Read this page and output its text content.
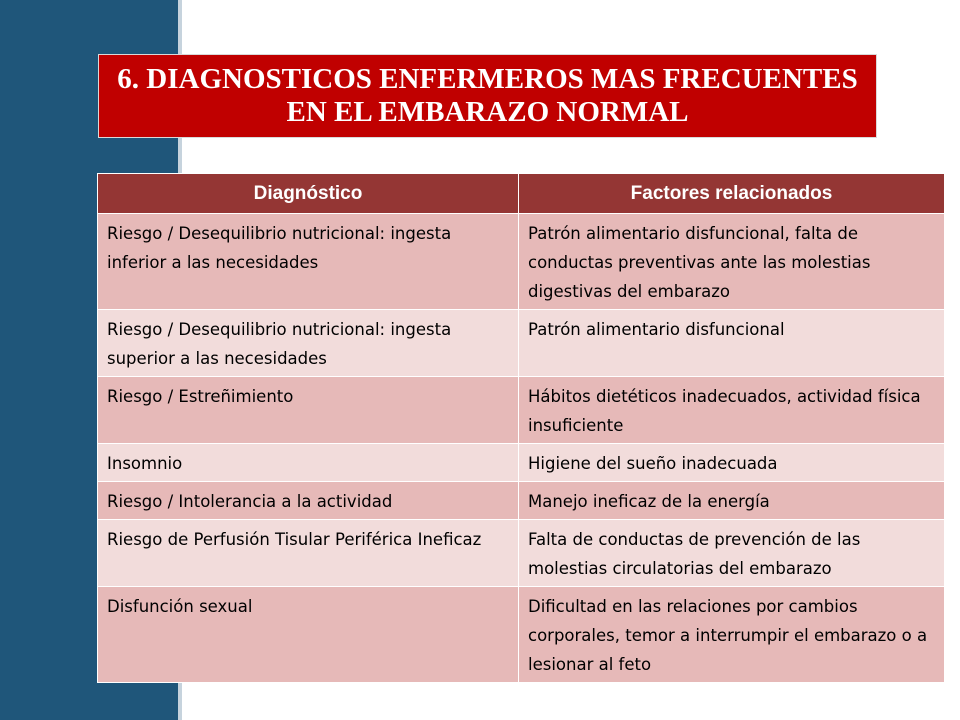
6. DIAGNOSTICOS ENFERMEROS MAS FRECUENTES
EN EL EMBARAZO NORMAL
Diagnóstico	Factores relacionados
Riesgo / Desequilibrio nutricional: ingesta inferior a las necesidades	Patrón alimentario disfuncional, falta de conductas preventivas ante las molestias digestivas del embarazo
Riesgo / Desequilibrio nutricional: ingesta superior a las necesidades	Patrón alimentario disfuncional
Riesgo / Estreñimiento	Hábitos dietéticos inadecuados, actividad física insuficiente
Insomnio	Higiene del sueño inadecuada
Riesgo / Intolerancia a la actividad	Manejo ineficaz de la energía
Riesgo de Perfusión Tisular Periférica Ineficaz	Falta de conductas de prevención de las molestias circulatorias del embarazo
Disfunción sexual	Dificultad en las relaciones por cambios corporales, temor a interrumpir el embarazo o a lesionar al feto
